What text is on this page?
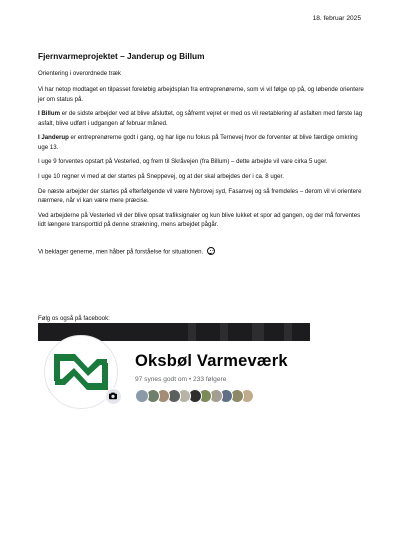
18. februar 2025
Fjernvarmeprojektet – Janderup og Billum

Orientering i overordnede træk

Vi har netop modtaget en tilpasset foreløbig arbejdsplan fra entreprenørerne, som vi vil følge op på, og løbende orientere jer om status på.

I Billum er de sidste arbejder ved at blive afsluttet, og såfremt vejret er med os vil reetablering af asfalten med første lag asfalt, blive udført i udgangen af februar måned.

I Janderup er entreprenørerne godt i gang, og har lige nu fokus på Ternevej hvor de forventer at blive færdige omkring uge 13.

I uge 9 forventes opstart på Vesterled, og frem til Skråvejen (fra Billum) – dette arbejde vil vare cirka 5 uger.

I uge 10 regner vi med at der startes på Sneppevej, og at der skal arbejdes der i ca. 8 uger.

De næste arbejder der startes på efterfølgende vil være Nybrovej syd, Fasanvej og så fremdeles – derom vil vi orientere nærmere, når vi kan være mere præcise.

Ved arbejderne på Vesterled vil der blive opsat trafiksignaler og kun blive lukket et spor ad gangen, og der må forventes lidt længere transporttid på denne strækning, mens arbejdet pågår.

Vi beklager generne, men håber på forståelse for situationen.

Følg os også på facebook:
Oksbøl Varmeværk
97 synes godt om • 233 følgere
